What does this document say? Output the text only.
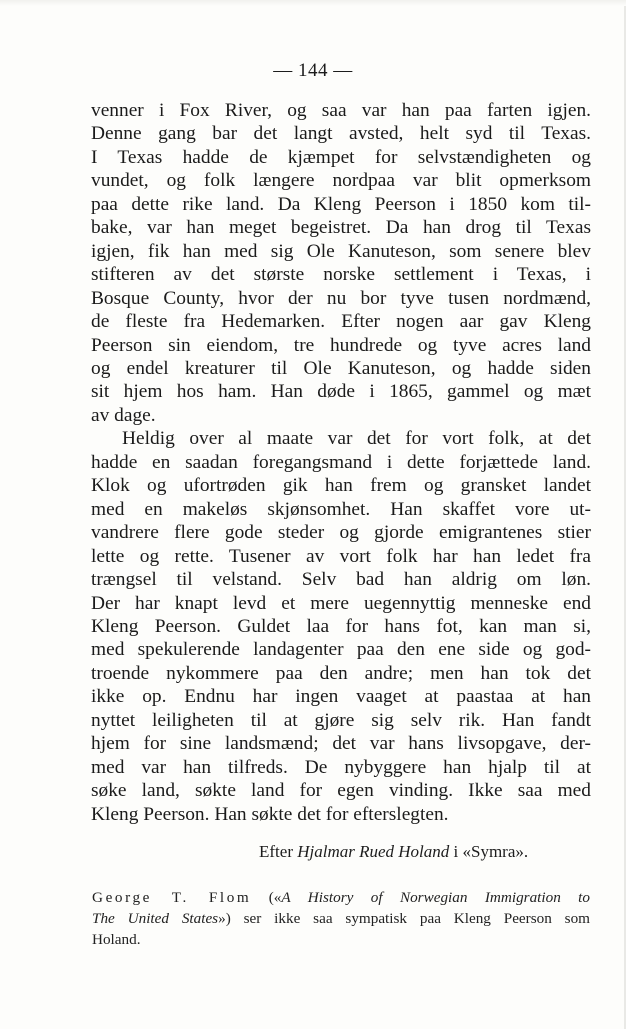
— 144 —

venner i Fox River, og saa var han paa farten igjen.
Denne gang bar det langt avsted, helt syd til Texas.
I Texas hadde de kjæmpet for selvstændigheten og
vundet, og folk længere nordpaa var blit opmerksom
paa dette rike land. Da Kleng Peerson i 1850 kom til-
bake, var han meget begeistret. Da han drog til Texas
igjen, fik han med sig Ole Kanuteson, som senere blev
stifteren av det største norske settlement i Texas, i
Bosque County, hvor der nu bor tyve tusen nordmænd,
de fleste fra Hedemarken. Efter nogen aar gav Kleng
Peerson sin eiendom, tre hundrede og tyve acres land
og endel kreaturer til Ole Kanuteson, og hadde siden
sit hjem hos ham. Han døde i 1865, gammel og mæt
av dage.

Heldig over al maate var det for vort folk, at det
hadde en saadan foregangsmand i dette forjættede land.
Klok og ufortrøden gik han frem og gransket landet
med en makeløs skjønsomhet. Han skaffet vore ut-
vandrere flere gode steder og gjorde emigrantenes stier
lette og rette. Tusener av vort folk har han ledet fra
trængsel til velstand. Selv bad han aldrig om løn.
Der har knapt levd et mere uegennyttig menneske end
Kleng Peerson. Guldet laa for hans fot, kan man si,
med spekulerende landagenter paa den ene side og god-
troende nykommere paa den andre; men han tok det
ikke op. Endnu har ingen vaaget at paastaa at han
nyttet leiligheten til at gjøre sig selv rik. Han fandt
hjem for sine landsmænd; det var hans livsopgave, der-
med var han tilfreds. De nybyggere han hjalp til at
søke land, søkte land for egen vinding. Ikke saa med
Kleng Peerson. Han søkte det for efterslegten.

Efter Hjalmar Rued Holand i «Symra».
George T. Flom («A History of Norwegian Immigration to
The United States») ser ikke saa sympatisk paa Kleng Peerson som
Holand.
